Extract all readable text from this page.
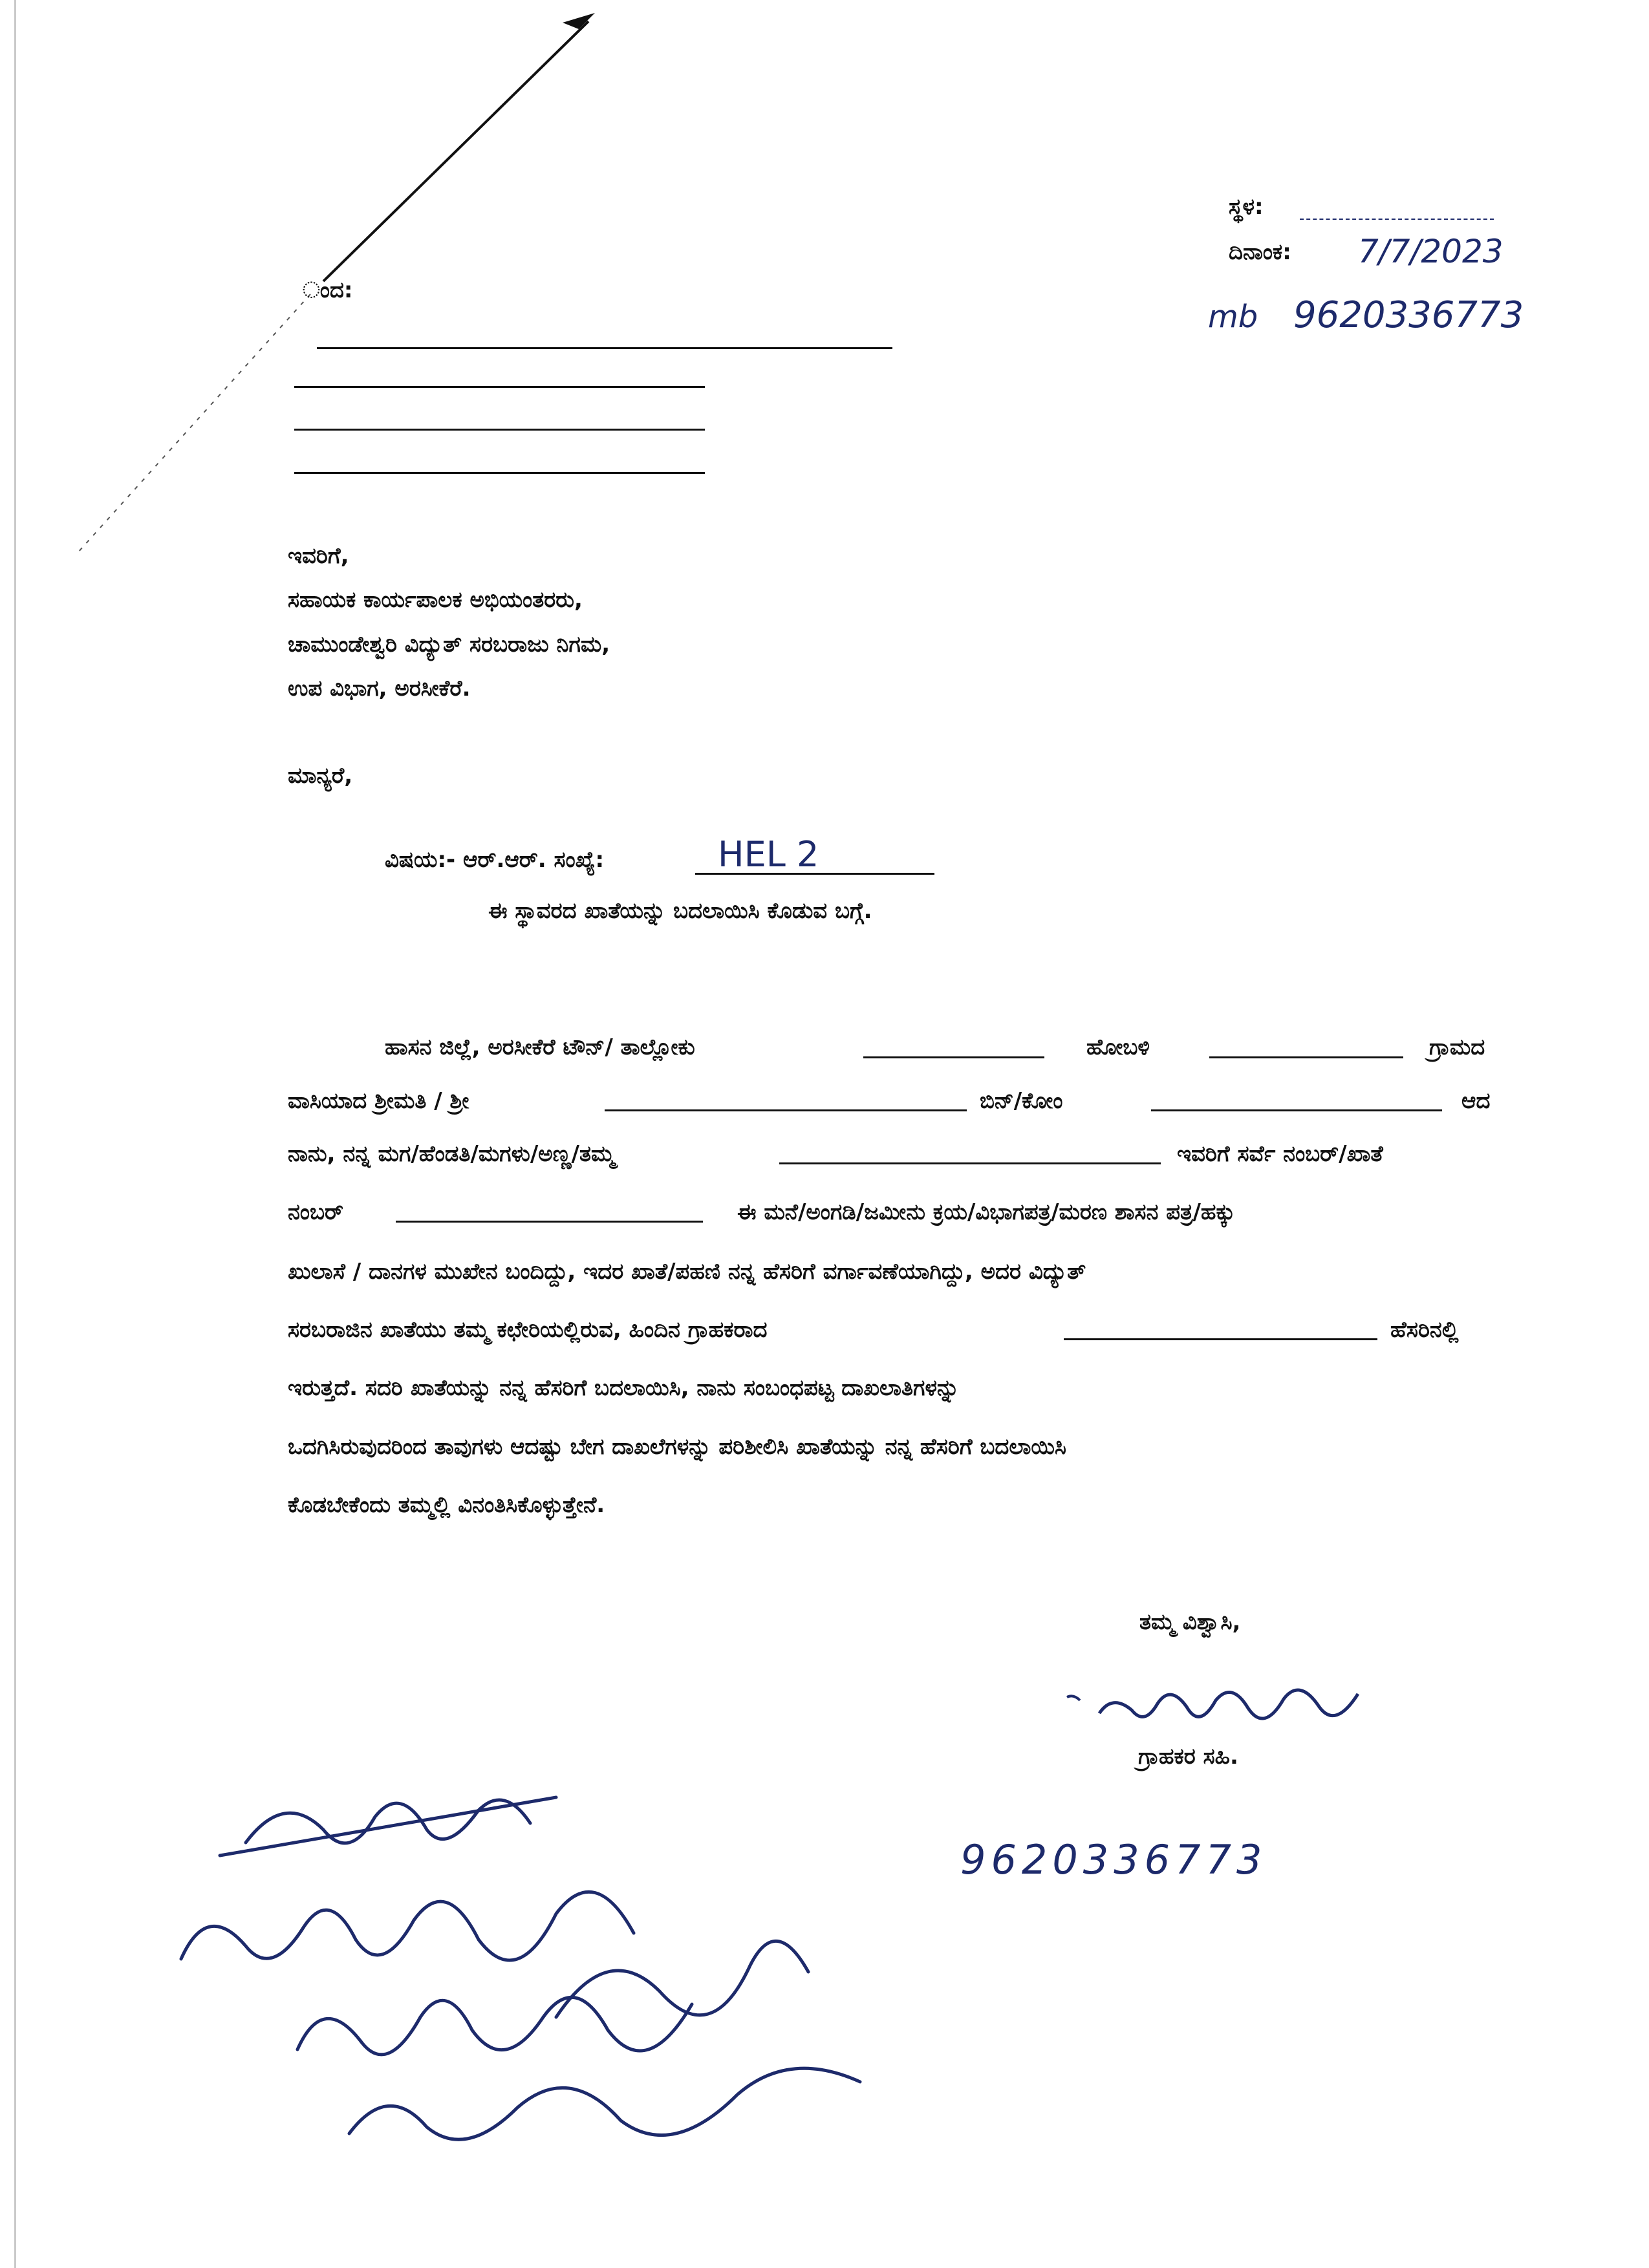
ಸ್ಥಳ:
ದಿನಾಂಕ: 7/7/2023
mb 9620336773
ಂದ:
ಇವರಿಗೆ,
ಸಹಾಯಕ ಕಾರ್ಯಪಾಲಕ ಅಭಿಯಂತರರು,
ಚಾಮುಂಡೇಶ್ವರಿ ವಿದ್ಯುತ್ ಸರಬರಾಜು ನಿಗಮ,
ಉಪ ವಿಭಾಗ, ಅರಸೀಕೆರೆ.
ಮಾನ್ಯರೆ,
ವಿಷಯ:- ಆರ್.ಆರ್. ಸಂಖ್ಯೆ:	HEL 2
ಈ ಸ್ಥಾವರದ ಖಾತೆಯನ್ನು ಬದಲಾಯಿಸಿ ಕೊಡುವ ಬಗ್ಗೆ.
ಹಾಸನ ಜಿಲ್ಲೆ, ಅರಸೀಕೆರೆ ಟೌನ್/ ತಾಲ್ಲೋಕು	ಹೋಬಳಿ	ಗ್ರಾಮದ
ವಾಸಿಯಾದ ಶ್ರೀಮತಿ / ಶ್ರೀ	ಬಿನ್/ಕೋಂ	ಆದ
ನಾನು, ನನ್ನ ಮಗ/ಹೆಂಡತಿ/ಮಗಳು/ಅಣ್ಣ/ತಮ್ಮ	ಇವರಿಗೆ ಸರ್ವೆ ನಂಬರ್/ಖಾತೆ
ನಂಬರ್	ಈ ಮನೆ/ಅಂಗಡಿ/ಜಮೀನು ಕ್ರಯ/ವಿಭಾಗಪತ್ರ/ಮರಣ ಶಾಸನ ಪತ್ರ/ಹಕ್ಕು
ಖುಲಾಸೆ / ದಾನಗಳ ಮುಖೇನ ಬಂದಿದ್ದು, ಇದರ ಖಾತೆ/ಪಹಣಿ ನನ್ನ ಹೆಸರಿಗೆ ವರ್ಗಾವಣೆಯಾಗಿದ್ದು, ಅದರ ವಿದ್ಯುತ್
ಸರಬರಾಜಿನ ಖಾತೆಯು ತಮ್ಮ ಕಛೇರಿಯಲ್ಲಿರುವ, ಹಿಂದಿನ ಗ್ರಾಹಕರಾದ	ಹೆಸರಿನಲ್ಲಿ
ಇರುತ್ತದೆ. ಸದರಿ ಖಾತೆಯನ್ನು ನನ್ನ ಹೆಸರಿಗೆ ಬದಲಾಯಿಸಿ, ನಾನು ಸಂಬಂಧಪಟ್ಟ ದಾಖಲಾತಿಗಳನ್ನು
ಒದಗಿಸಿರುವುದರಿಂದ ತಾವುಗಳು ಆದಷ್ಟು ಬೇಗ ದಾಖಲೆಗಳನ್ನು ಪರಿಶೀಲಿಸಿ ಖಾತೆಯನ್ನು ನನ್ನ ಹೆಸರಿಗೆ ಬದಲಾಯಿಸಿ
ಕೊಡಬೇಕೆಂದು ತಮ್ಮಲ್ಲಿ ವಿನಂತಿಸಿಕೊಳ್ಳುತ್ತೇನೆ.
ತಮ್ಮ ವಿಶ್ವಾಸಿ,
ಗ್ರಾಹಕರ ಸಹಿ.
9620336773
